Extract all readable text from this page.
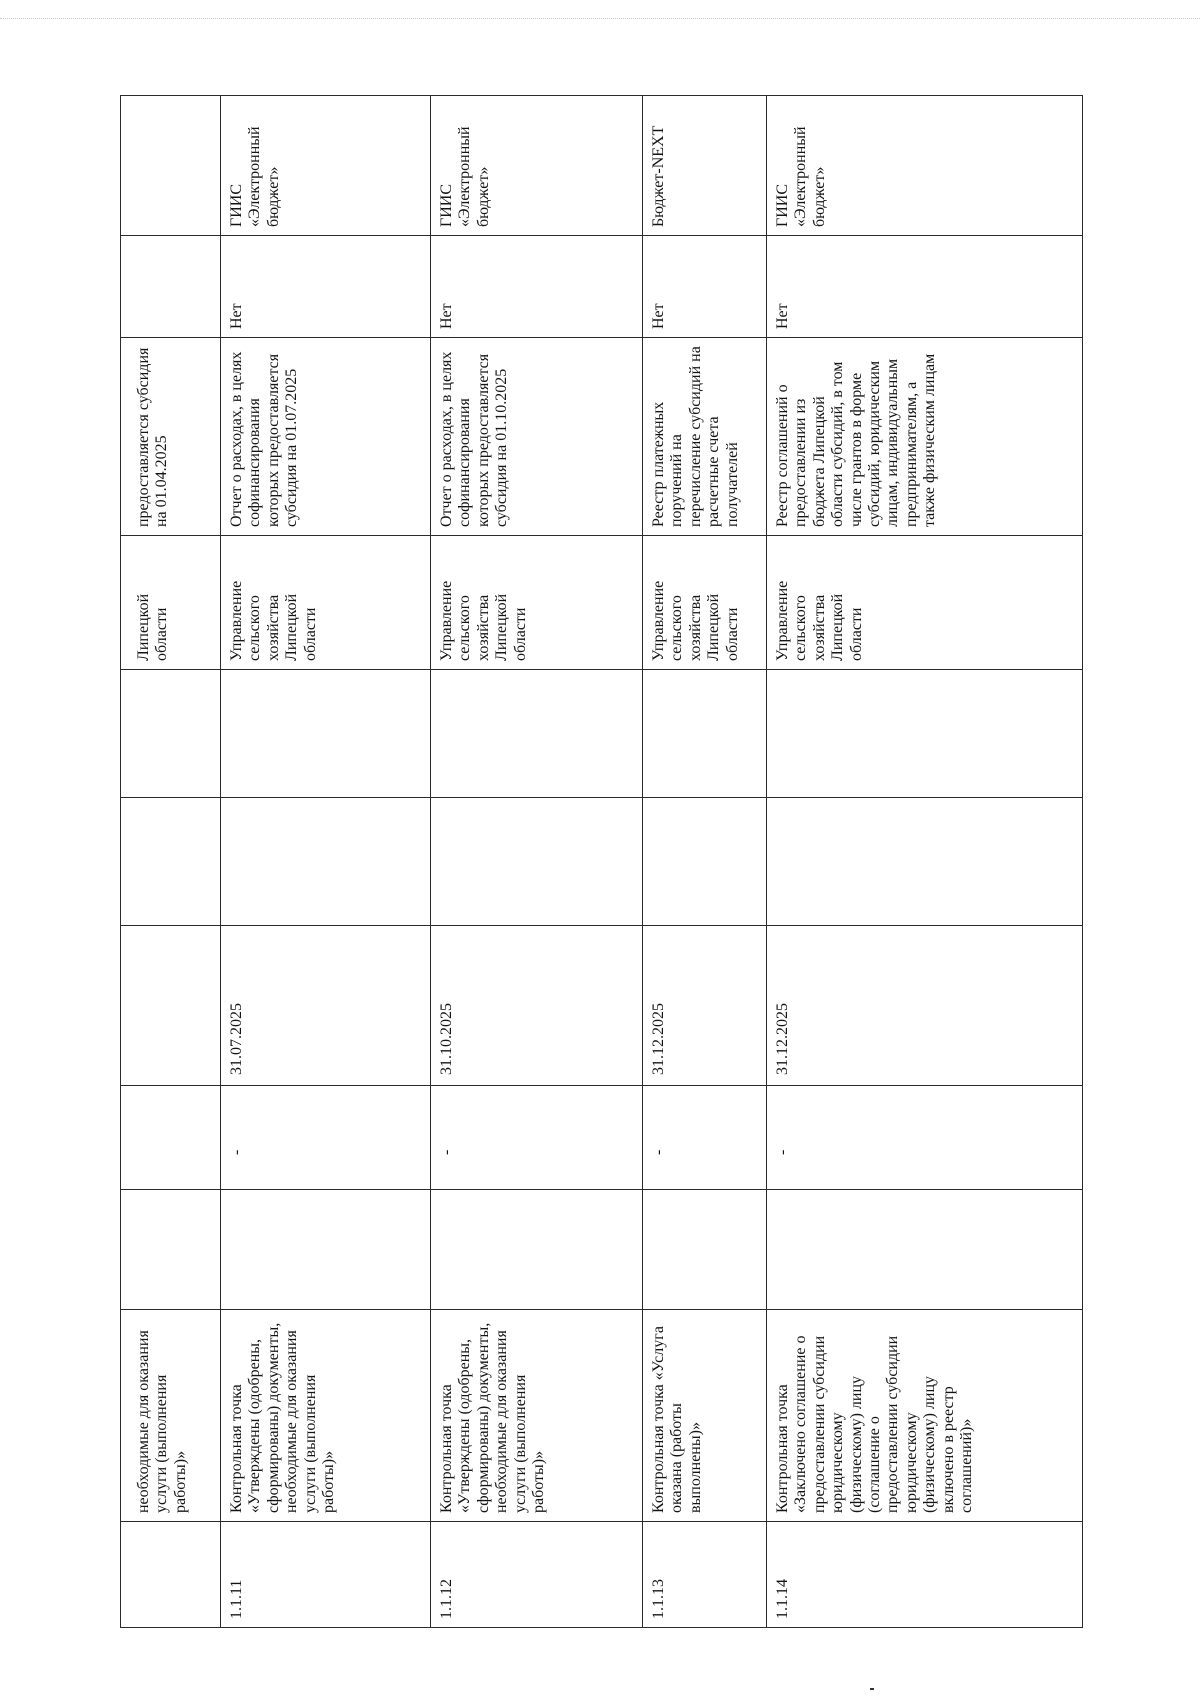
	необходимые для оказания услуги (выполнения работы)»						Липецкой области	предоставляется субсидия на 01.04.2025		
1.1.11	Контрольная точка «Утверждены (одобрены, сформированы) документы, необходимые для оказания услуги (выполнения работы)»		-	31.07.2025			Управление сельского хозяйства Липецкой области	Отчет о расходах, в целях софинансирования которых предоставляется субсидия на 01.07.2025	Нет	ГИИС «Электронный бюджет»
1.1.12	Контрольная точка «Утверждены (одобрены, сформированы) документы, необходимые для оказания услуги (выполнения работы)»		-	31.10.2025			Управление сельского хозяйства Липецкой области	Отчет о расходах, в целях софинансирования которых предоставляется субсидия на 01.10.2025	Нет	ГИИС «Электронный бюджет»
1.1.13	Контрольная точка «Услуга оказана (работы выполнены)»		-	31.12.2025			Управление сельского хозяйства Липецкой области	Реестр платежных поручений на перечисление субсидий на расчетные счета получателей	Нет	Бюджет-NEXT
1.1.14	Контрольная точка «Заключено соглашение о предоставлении субсидии юридическому (физическому) лицу (соглашение о предоставлении субсидии юридическому (физическому) лицу включено в реестр соглашений)»		-	31.12.2025			Управление сельского хозяйства Липецкой области	Реестр соглашений о предоставлении из бюджета Липецкой области субсидий, в том числе грантов в форме субсидий, юридическим лицам, индивидуальным предпринимателям, а также физическим лицам	Нет	ГИИС «Электронный бюджет»
